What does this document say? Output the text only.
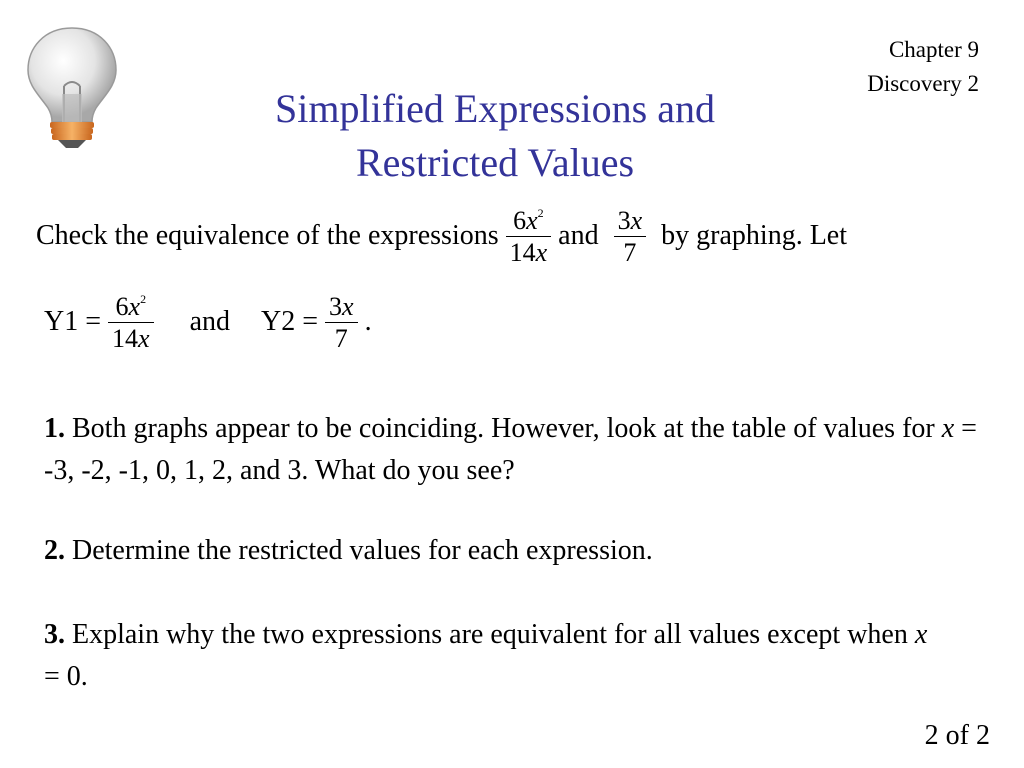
Chapter 9
Discovery 2
Simplified Expressions and
Restricted Values
Check the equivalence of the expressions $\frac{6x^2}{14x}$ and $\frac{3x}{7}$ by graphing. Let
$Y1 = \frac{6x^2}{14x}$ and $Y2 = \frac{3x}{7}$ .
1. Both graphs appear to be coinciding. However, look at the table of values for x = -3, -2, -1, 0, 1, 2, and 3. What do you see?
2. Determine the restricted values for each expression.
3. Explain why the two expressions are equivalent for all values except when x = 0.
2 of 2
